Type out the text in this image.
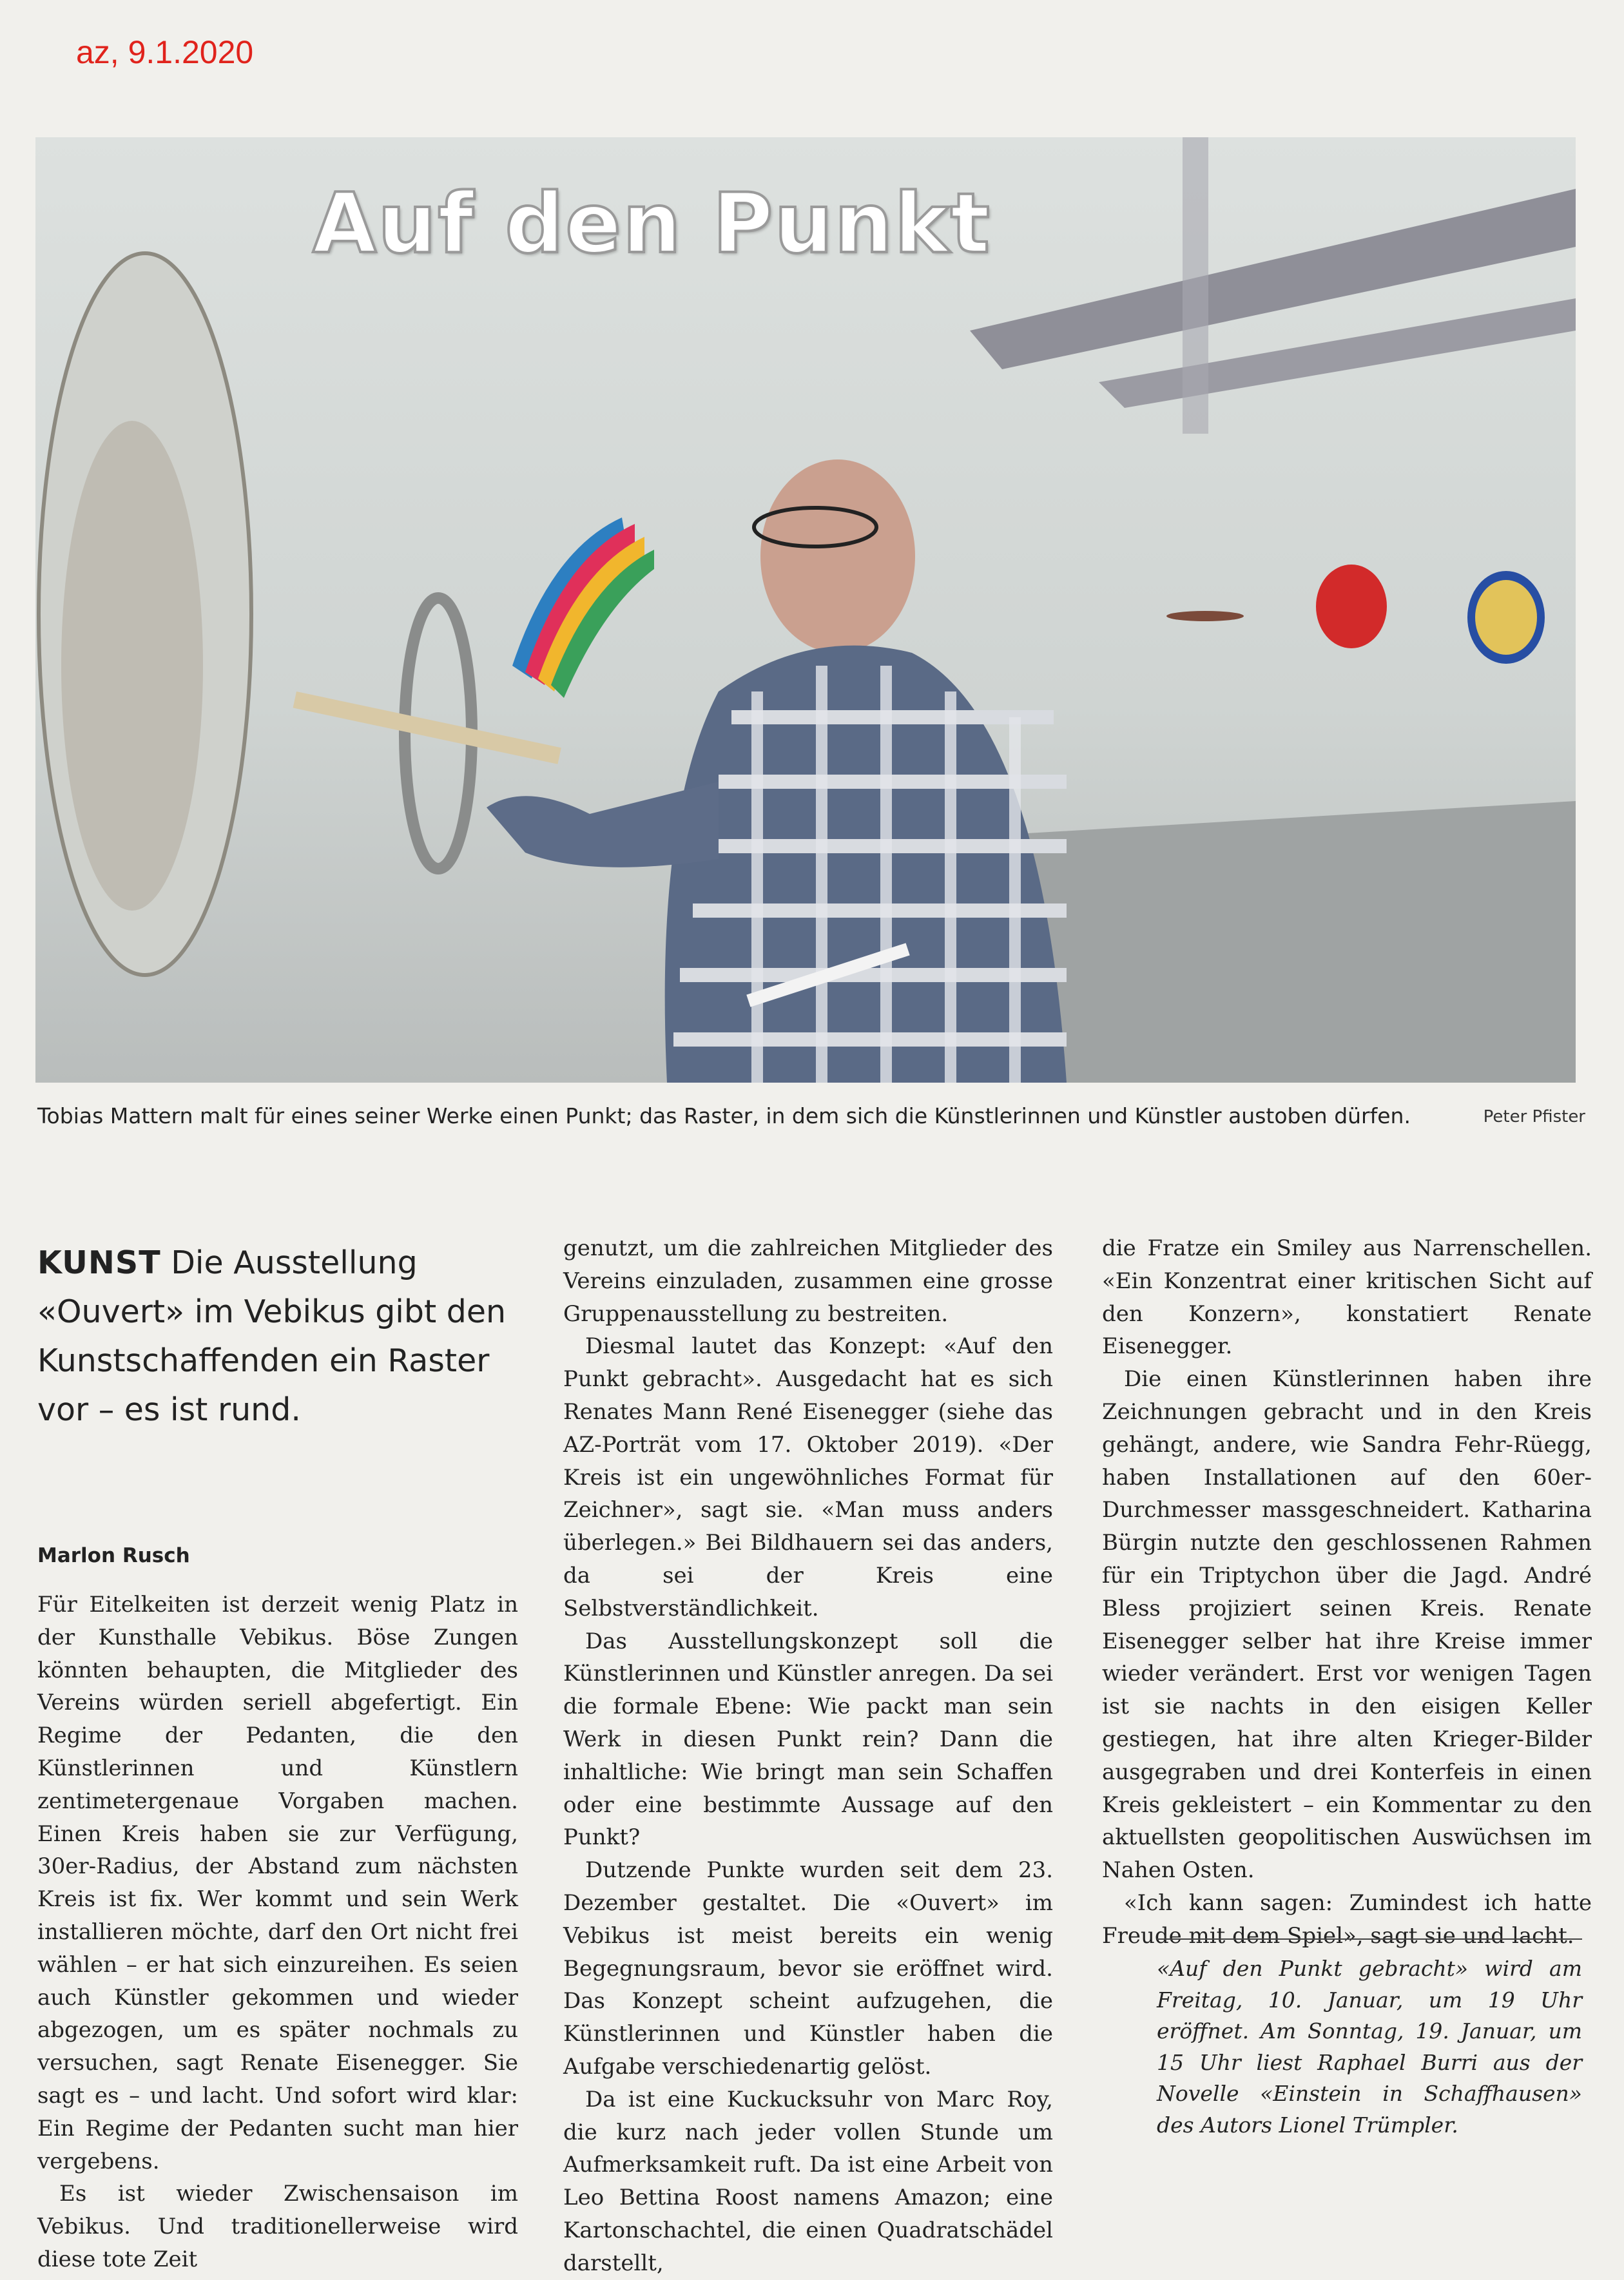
az, 9.1.2020
Auf den Punkt
Tobias Mattern malt für eines seiner Werke einen Punkt; das Raster, in dem sich die Künstlerinnen und Künstler austoben dürfen.	Peter Pfister
KUNST Die Ausstellung «Ouvert» im Vebikus gibt den Kunstschaffenden ein Raster vor – es ist rund.
Marlon Rusch

Für Eitelkeiten ist derzeit wenig Platz in der Kunsthalle Vebikus. Böse Zungen könnten behaupten, die Mitglieder des Vereins würden seriell abgefertigt. Ein Regime der Pedanten, die den Künstlerinnen und Künstlern zentimetergenaue Vorgaben machen. Einen Kreis haben sie zur Verfügung, 30er-Radius, der Abstand zum nächsten Kreis ist fix. Wer kommt und sein Werk installieren möchte, darf den Ort nicht frei wählen – er hat sich einzureihen. Es seien auch Künstler gekommen und wieder abgezogen, um es später nochmals zu versuchen, sagt Renate Eisenegger. Sie sagt es – und lacht. Und sofort wird klar: Ein Regime der Pedanten sucht man hier vergebens.

Es ist wieder Zwischensaison im Vebikus. Und traditionellerweise wird diese tote Zeit

genutzt, um die zahlreichen Mitglieder des Vereins einzuladen, zusammen eine grosse Gruppenausstellung zu bestreiten.

Diesmal lautet das Konzept: «Auf den Punkt gebracht». Ausgedacht hat es sich Renates Mann René Eisenegger (siehe das AZ-Porträt vom 17. Oktober 2019). «Der Kreis ist ein ungewöhnliches Format für Zeichner», sagt sie. «Man muss anders überlegen.» Bei Bildhauern sei das anders, da sei der Kreis eine Selbstverständlichkeit.

Das Ausstellungskonzept soll die Künstlerinnen und Künstler anregen. Da sei die formale Ebene: Wie packt man sein Werk in diesen Punkt rein? Dann die inhaltliche: Wie bringt man sein Schaffen oder eine bestimmte Aussage auf den Punkt?

Dutzende Punkte wurden seit dem 23. Dezember gestaltet. Die «Ouvert» im Vebikus ist meist bereits ein wenig Begegnungsraum, bevor sie eröffnet wird. Das Konzept scheint aufzugehen, die Künstlerinnen und Künstler haben die Aufgabe verschiedenartig gelöst.

Da ist eine Kuckucksuhr von Marc Roy, die kurz nach jeder vollen Stunde um Aufmerksamkeit ruft. Da ist eine Arbeit von Leo Bettina Roost namens Amazon; eine Kartonschachtel, die einen Quadratschädel darstellt,

die Fratze ein Smiley aus Narrenschellen. «Ein Konzentrat einer kritischen Sicht auf den Konzern», konstatiert Renate Eisenegger.

Die einen Künstlerinnen haben ihre Zeichnungen gebracht und in den Kreis gehängt, andere, wie Sandra Fehr-Rüegg, haben Installationen auf den 60er-Durchmesser massgeschneidert. Katharina Bürgin nutzte den geschlossenen Rahmen für ein Triptychon über die Jagd. André Bless projiziert seinen Kreis. Renate Eisenegger selber hat ihre Kreise immer wieder verändert. Erst vor wenigen Tagen ist sie nachts in den eisigen Keller gestiegen, hat ihre alten Krieger-Bilder ausgegraben und drei Konterfeis in einen Kreis gekleistert – ein Kommentar zu den aktuellsten geopolitischen Auswüchsen im Nahen Osten.

«Ich kann sagen: Zumindest ich hatte Freude mit dem Spiel», sagt sie und lacht.

«Auf den Punkt gebracht» wird am Freitag, 10. Januar, um 19 Uhr eröffnet. Am Sonntag, 19. Januar, um 15 Uhr liest Raphael Burri aus der Novelle «Einstein in Schaffhausen» des Autors Lionel Trümpler.
